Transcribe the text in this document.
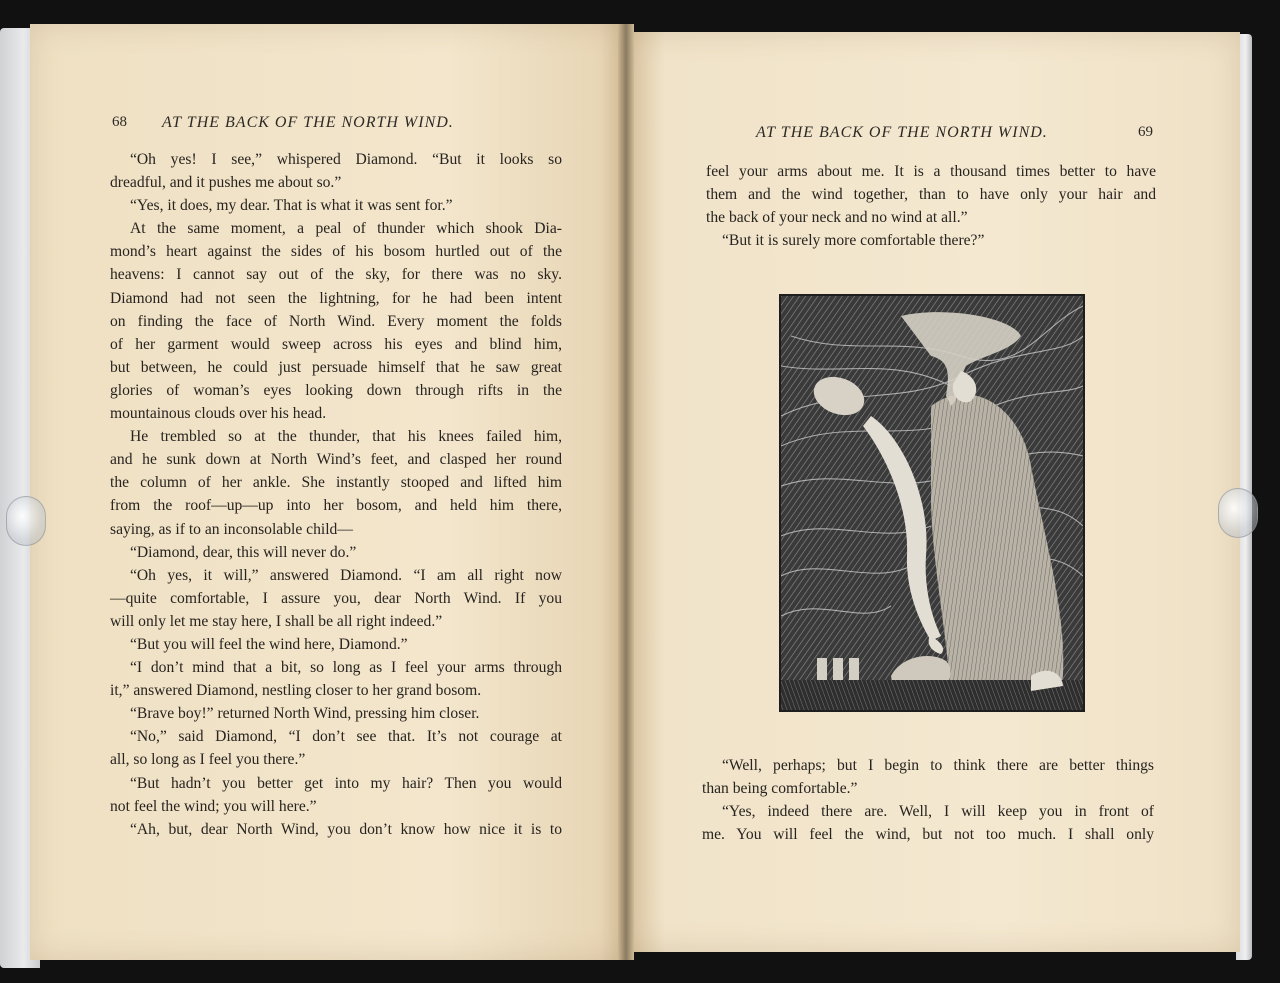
68 AT THE BACK OF THE NORTH WIND.
“Oh yes! I see,” whispered Diamond. “But it looks so
dreadful, and it pushes me about so.”
“Yes, it does, my dear. That is what it was sent for.”
At the same moment, a peal of thunder which shook Dia-
mond’s heart against the sides of his bosom hurtled out of the
heavens: I cannot say out of the sky, for there was no sky.
Diamond had not seen the lightning, for he had been intent
on finding the face of North Wind. Every moment the folds
of her garment would sweep across his eyes and blind him,
but between, he could just persuade himself that he saw great
glories of woman’s eyes looking down through rifts in the
mountainous clouds over his head.
He trembled so at the thunder, that his knees failed him,
and he sunk down at North Wind’s feet, and clasped her round
the column of her ankle. She instantly stooped and lifted him
from the roof—up—up into her bosom, and held him there,
saying, as if to an inconsolable child—
“Diamond, dear, this will never do.”
“Oh yes, it will,” answered Diamond. “I am all right now
—quite comfortable, I assure you, dear North Wind. If you
will only let me stay here, I shall be all right indeed.”
“But you will feel the wind here, Diamond.”
“I don’t mind that a bit, so long as I feel your arms through
it,” answered Diamond, nestling closer to her grand bosom.
“Brave boy!” returned North Wind, pressing him closer.
“No,” said Diamond, “I don’t see that. It’s not courage at
all, so long as I feel you there.”
“But hadn’t you better get into my hair? Then you would
not feel the wind; you will here.”
“Ah, but, dear North Wind, you don’t know how nice it is to
AT THE BACK OF THE NORTH WIND.	69
feel your arms about me. It is a thousand times better to have
them and the wind together, than to have only your hair and
the back of your neck and no wind at all.”
“But it is surely more comfortable there?”
“Well, perhaps; but I begin to think there are better things
than being comfortable.”
“Yes, indeed there are. Well, I will keep you in front of
me. You will feel the wind, but not too much. I shall only
